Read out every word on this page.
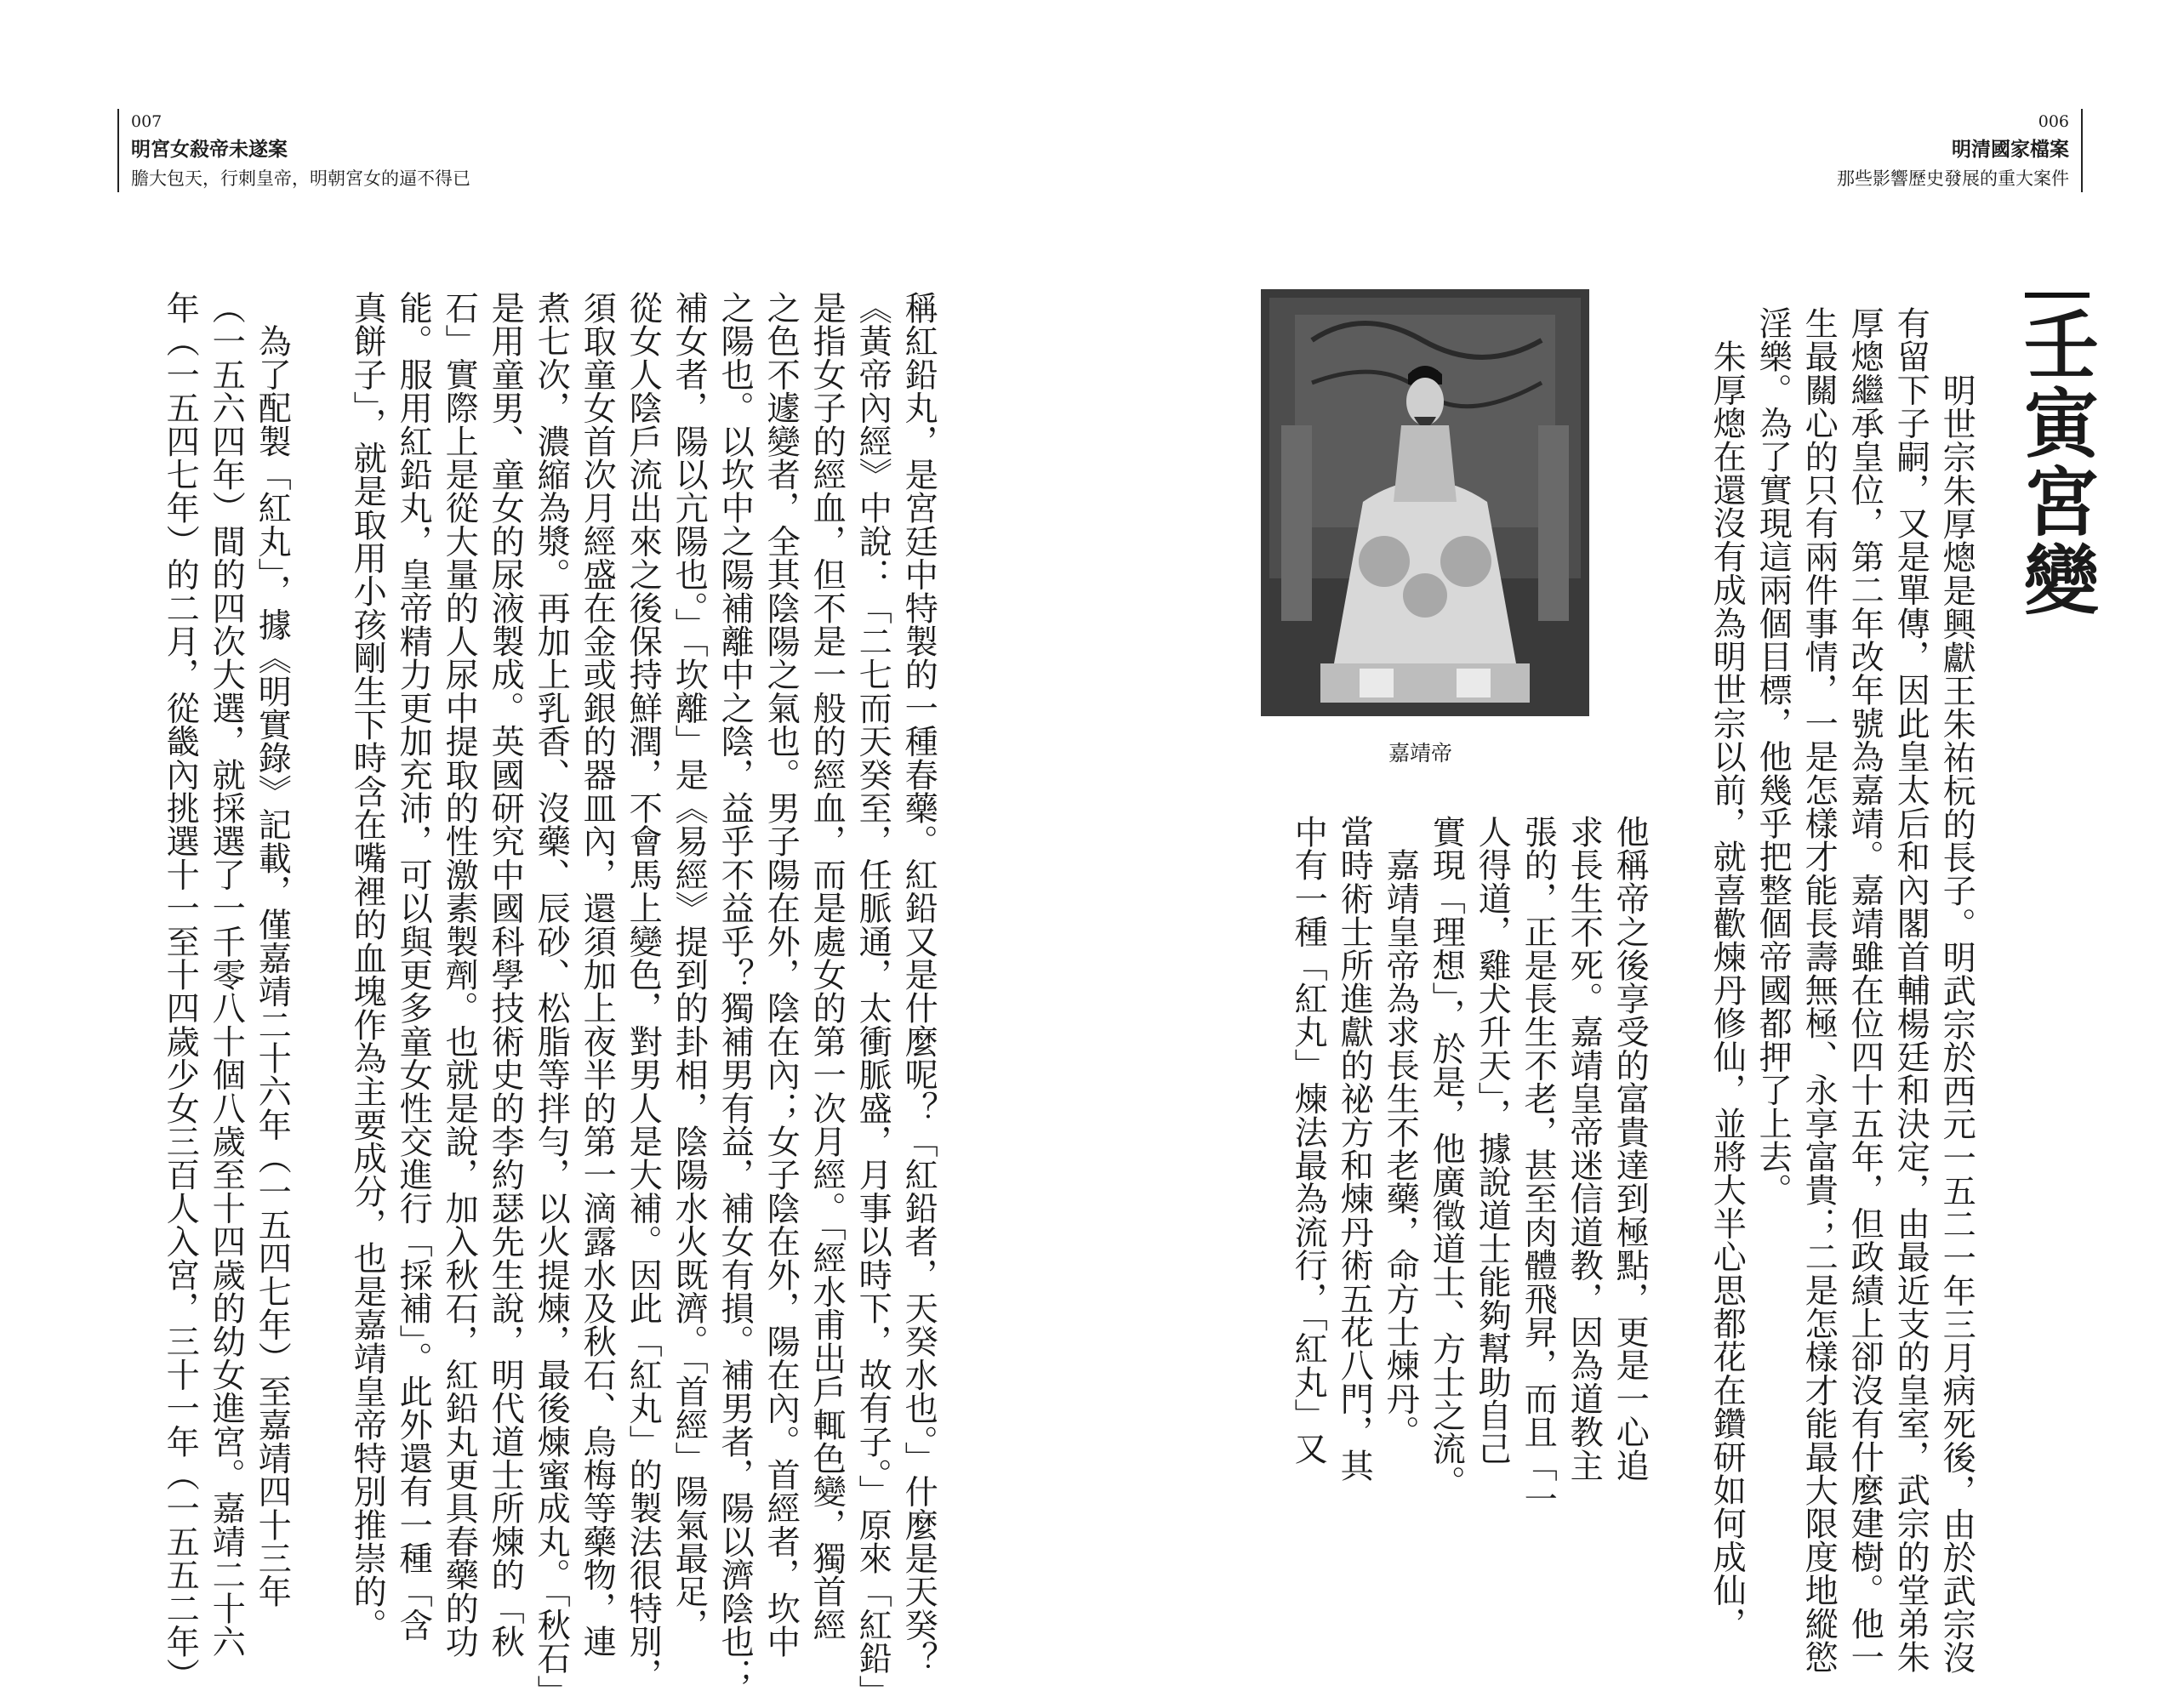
007
明宮女殺帝未遂案
膽大包天，行刺皇帝，明朝宮女的逼不得已
006
明清國家檔案
那些影響歷史發展的重大案件
壬寅宮變
嘉靖帝	　明世宗朱厚熜是興獻王朱祐杬的長子。明武宗於西元一五二一年三月病死後，由於武宗沒
有留下子嗣，又是單傳，因此皇太后和內閣首輔楊廷和決定，由最近支的皇室，武宗的堂弟朱
厚熜繼承皇位，第二年改年號為嘉靖。嘉靖雖在位四十五年，但政績上卻沒有什麼建樹。他一
生最關心的只有兩件事情，一是怎樣才能長壽無極、永享富貴；二是怎樣才能最大限度地縱慾
淫樂。為了實現這兩個目標，他幾乎把整個帝國都押了上去。
　朱厚熜在還沒有成為明世宗以前，就喜歡煉丹修仙，並將大半心思都花在鑽研如何成仙，
他稱帝之後享受的富貴達到極點，更是一心追
求長生不死。嘉靖皇帝迷信道教，因為道教主
張的，正是長生不老，甚至肉體飛昇，而且「一
人得道，雞犬升天」，據說道士能夠幫助自己
實現「理想」，於是，他廣徵道士、方士之流。
　嘉靖皇帝為求長生不老藥，命方士煉丹。
當時術士所進獻的祕方和煉丹術五花八門，其
中有一種「紅丸」煉法最為流行，「紅丸」又
稱紅鉛丸，是宮廷中特製的一種春藥。紅鉛又是什麼呢？「紅鉛者，天癸水也。」什麼是天癸？
《黃帝內經》中說：「二七而天癸至，任脈通，太衝脈盛，月事以時下，故有子。」原來「紅鉛」
是指女子的經血，但不是一般的經血，而是處女的第一次月經。「經水甫出戶輒色變，獨首經
之色不遽變者，全其陰陽之氣也。男子陽在外，陰在內；女子陰在外，陽在內。首經者，坎中
之陽也。以坎中之陽補離中之陰，益乎不益乎？獨補男有益，補女有損。補男者，陽以濟陰也；
補女者，陽以亢陽也。」「坎離」是《易經》提到的卦相，陰陽水火既濟。「首經」陽氣最足，
從女人陰戶流出來之後保持鮮潤，不會馬上變色，對男人是大補。因此「紅丸」的製法很特別，
須取童女首次月經盛在金或銀的器皿內，還須加上夜半的第一滴露水及秋石、烏梅等藥物，連
煮七次，濃縮為漿。再加上乳香、沒藥、辰砂、松脂等拌勻，以火提煉，最後煉蜜成丸。「秋石」
是用童男、童女的尿液製成。英國研究中國科學技術史的李約瑟先生說，明代道士所煉的「秋
石」實際上是從大量的人尿中提取的性激素製劑。也就是說，加入秋石，紅鉛丸更具春藥的功
能。服用紅鉛丸，皇帝精力更加充沛，可以與更多童女性交進行「採補」。此外還有一種「含
真餅子」，就是取用小孩剛生下時含在嘴裡的血塊作為主要成分，也是嘉靖皇帝特別推崇的。
　為了配製「紅丸」，據《明實錄》記載，僅嘉靖二十六年（一五四七年）至嘉靖四十三年
（一五六四年）間的四次大選，就採選了一千零八十個八歲至十四歲的幼女進宮。嘉靖二十六
年（一五四七年）的二月，從畿內挑選十一至十四歲少女三百人入宮，三十一年（一五五二年）
